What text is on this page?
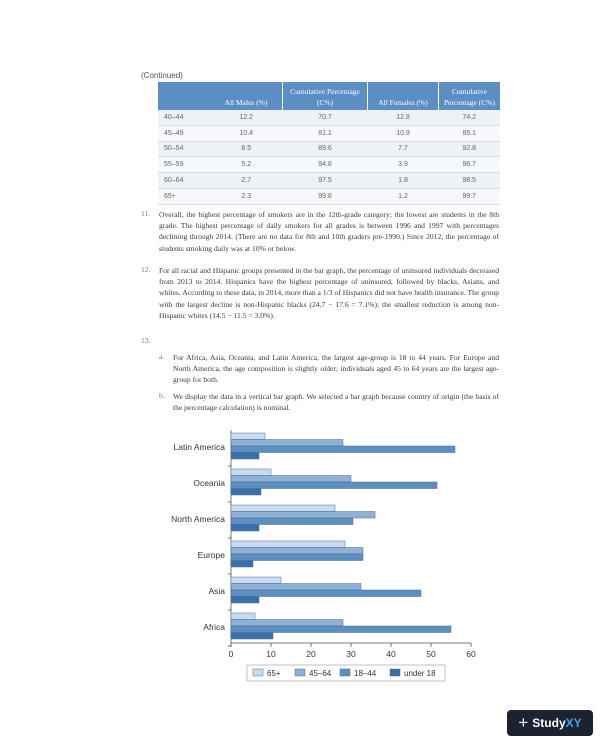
(Continued)
	All Males (%)	Cumulative Percentage (C%)	All Females (%)	Cumulative Percentage (C%)
40–44	12.2	70.7	12.8	74.2
45–49	10.4	81.1	10.9	85.1
50–54	8.5	89.6	7.7	92.8
55–59	5.2	94.8	3.9	96.7
60–64	2.7	97.5	1.8	98.5
65+	2.3	99.8	1.2	99.7
11. Overall, the highest percentage of smokers are in the 12th-grade category; the lowest are students in the 8th grade. The highest percentage of daily smokers for all grades is between 1996 and 1997 with percentages declining through 2014. (There are no data for 8th and 10th graders pre-1990.) Since 2012, the percentage of students smoking daily was at 10% or below.
12. For all racial and Hispanic groups presented in the bar graph, the percentage of uninsured individuals decreased from 2013 to 2014. Hispanics have the highest percentage of uninsured, followed by blacks, Asians, and whites. According to these data, in 2014, more than a 1/3 of Hispanics did not have health insurance. The group with the largest decline is non-Hispanic blacks (24.7 − 17.6 = 7.1%); the smallest reduction is among non-Hispanic whites (14.5 − 11.5 = 3.0%).
13.
a. For Africa, Asia, Oceania, and Latin America, the largest age-group is 18 to 44 years. For Europe and North America, the age composition is slightly older; individuals aged 45 to 64 years are the largest age-group for both.
b. We display the data in a vertical bar graph. We selected a bar graph because country of origin (the basis of the percentage calculation) is nominal.
0	10	20	30	40	50	60
Latin America
Oceania
North America
Europe
Asia
Africa
65+	45–64	18–44	under 18
+ Study XY
